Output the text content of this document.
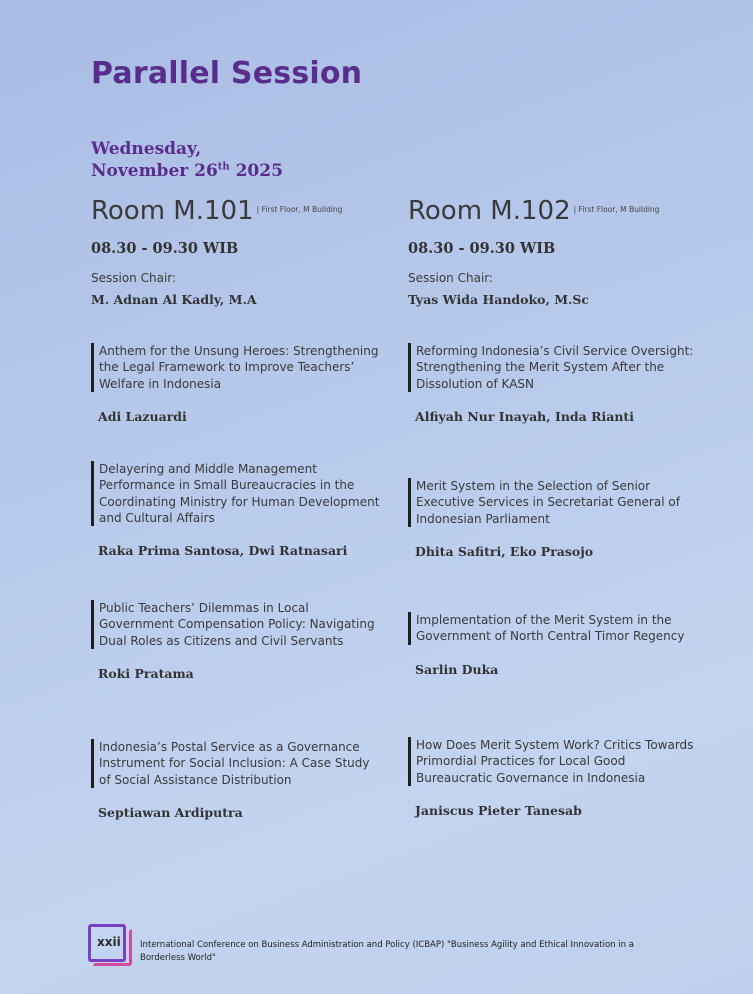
Parallel Session
Wednesday,
November 26th 2025
Room M.101 $^{| First Floor, M Building}$
08.30 - 09.30 WIB
Session Chair:
M. Adnan Al Kadly, M.A
Anthem for the Unsung Heroes: Strengthening the Legal Framework to Improve Teachers’ Welfare in Indonesia
Adi Lazuardi
Delayering and Middle Management Performance in Small Bureaucracies in the Coordinating Ministry for Human Development and Cultural Affairs
Raka Prima Santosa, Dwi Ratnasari
Public Teachers’ Dilemmas in Local Government Compensation Policy: Navigating Dual Roles as Citizens and Civil Servants
Roki Pratama
Indonesia’s Postal Service as a Governance Instrument for Social Inclusion: A Case Study of Social Assistance Distribution
Septiawan Ardiputra
Room M.102 $^{| First Floor, M Building}$
08.30 - 09.30 WIB
Session Chair:
Tyas Wida Handoko, M.Sc
Reforming Indonesia’s Civil Service Oversight: Strengthening the Merit System After the Dissolution of KASN
Alfiyah Nur Inayah, Inda Rianti
Merit System in the Selection of Senior Executive Services in Secretariat General of Indonesian Parliament
Dhita Safitri, Eko Prasojo
Implementation of the Merit System in the Government of North Central Timor Regency
Sarlin Duka
How Does Merit System Work? Critics Towards Primordial Practices for Local Good Bureaucratic Governance in Indonesia
Janiscus Pieter Tanesab
xxii International Conference on Business Administration and Policy (ICBAP) "Business Agility and Ethical Innovation in a Borderless World"
